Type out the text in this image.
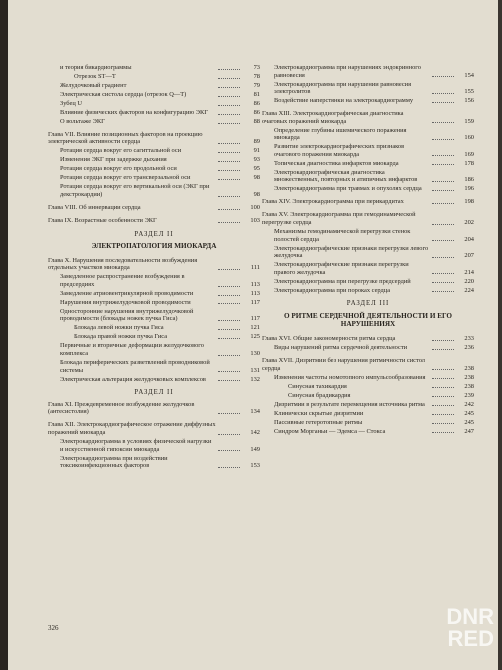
и теория бикардиограммы	73
Отрезок ST—T	78
Желудочковый градиент	79
Электрическая систола сердца (отрезок Q—T)	81
Зубец U	86
Влияние физических факторов на конфигурацию ЭКГ	86
О вольтаже ЭКГ	88
Глава VII. Влияние позиционных факторов на проекцию электрической активности сердца	89
Ротация сердца вокруг его сагиттальной оси	91
Изменения ЭКГ при задержке дыхания	93
Ротация сердца вокруг его продольной оси	95
Ротация сердца вокруг его трансверзальной оси	98
Ротация сердца вокруг его вертикальной оси (ЭКГ при декстрокардии)	98
Глава VIII. Об иннервации сердца	100
Глава IX. Возрастные особенности ЭКГ	103
РАЗДЕЛ II
ЭЛЕКТРОПАТОЛОГИЯ МИОКАРДА
Глава X. Нарушения последовательности возбуждения отдельных участков миокарда	111
Замедленное распространение возбуждения в предсердиях	113
Замедление атриовентрикулярной проводимости	113
Нарушения внутрижелудочковой проводимости	117
Односторонние нарушения внутрижелудочковой проводимости (блокады ножек пучка Гиса)	117
Блокада левой ножки пучка Гиса	121
Блокада правой ножки пучка Гиса	125
Первичные и вторичные деформации желудочкового комплекса	130
Блокада периферических разветвлений проводниковой системы	131
Электрическая альтерация желудочковых комплексов	132
РАЗДЕЛ II
Глава XI. Преждевременное возбуждение желудочков (антесистолия)	134
Глава XII. Электрокардиографическое отражение диффузных поражений миокарда	142
Электрокардиограмма в условиях физической нагрузки и искусственной гипоксии миокарда	149
Электрокардиограмма при воздействии токсикоинфекционных факторов	153
Электрокардиограмма при нарушениях эндокринного равновесия	154
Электрокардиограмма при нарушении равновесия электролитов	155
Воздействие наперстянки на электрокардиограмму	156
Глава XIII. Электрокардиографическая диагностика очаговых поражений миокарда	159
Определение глубины ишемического поражения миокарда	160
Развитие электрокардиографических признаков очагового поражения миокарда	169
Топическая диагностика инфарктов миокарда	178
Электрокардиографическая диагностика множественных, повторных и атипичных инфарктов	186
Электрокардиограмма при травмах и опухолях сердца	196
Глава XIV. Электрокардиограмма при перикардитах	198
Глава XV. Электрокардиограмма при гемодинамической перегрузке сердца	202
Механизмы гемодинамической перегрузки стенок полостей сердца	204
Электрокардиографические признаки перегрузки левого желудочка	207
Электрокардиографические признаки перегрузки правого желудочка	214
Электрокардиограмма при перегрузке предсердий	220
Электрокардиограмма при пороках сердца	224
РАЗДЕЛ III
О РИТМЕ СЕРДЕЧНОЙ ДЕЯТЕЛЬНОСТИ И ЕГО НАРУШЕНИЯХ
Глава XVI. Общие закономерности ритма сердца	233
Виды нарушений ритма сердечной деятельности	236
Глава XVII. Дизритмии без нарушения ритмичности систол сердца	238
Изменения частоты номотопного импульсообразования	238
Синусная тахикардия	238
Синусная брадикардия	239
Дизритмии в результате перемещения источника ритма	242
Клинически скрытые дизритмии	245
Пассивные гетеротопные ритмы	245
Синдром Морганьи — Эдемса — Стокса	247
326	DNR
RED
